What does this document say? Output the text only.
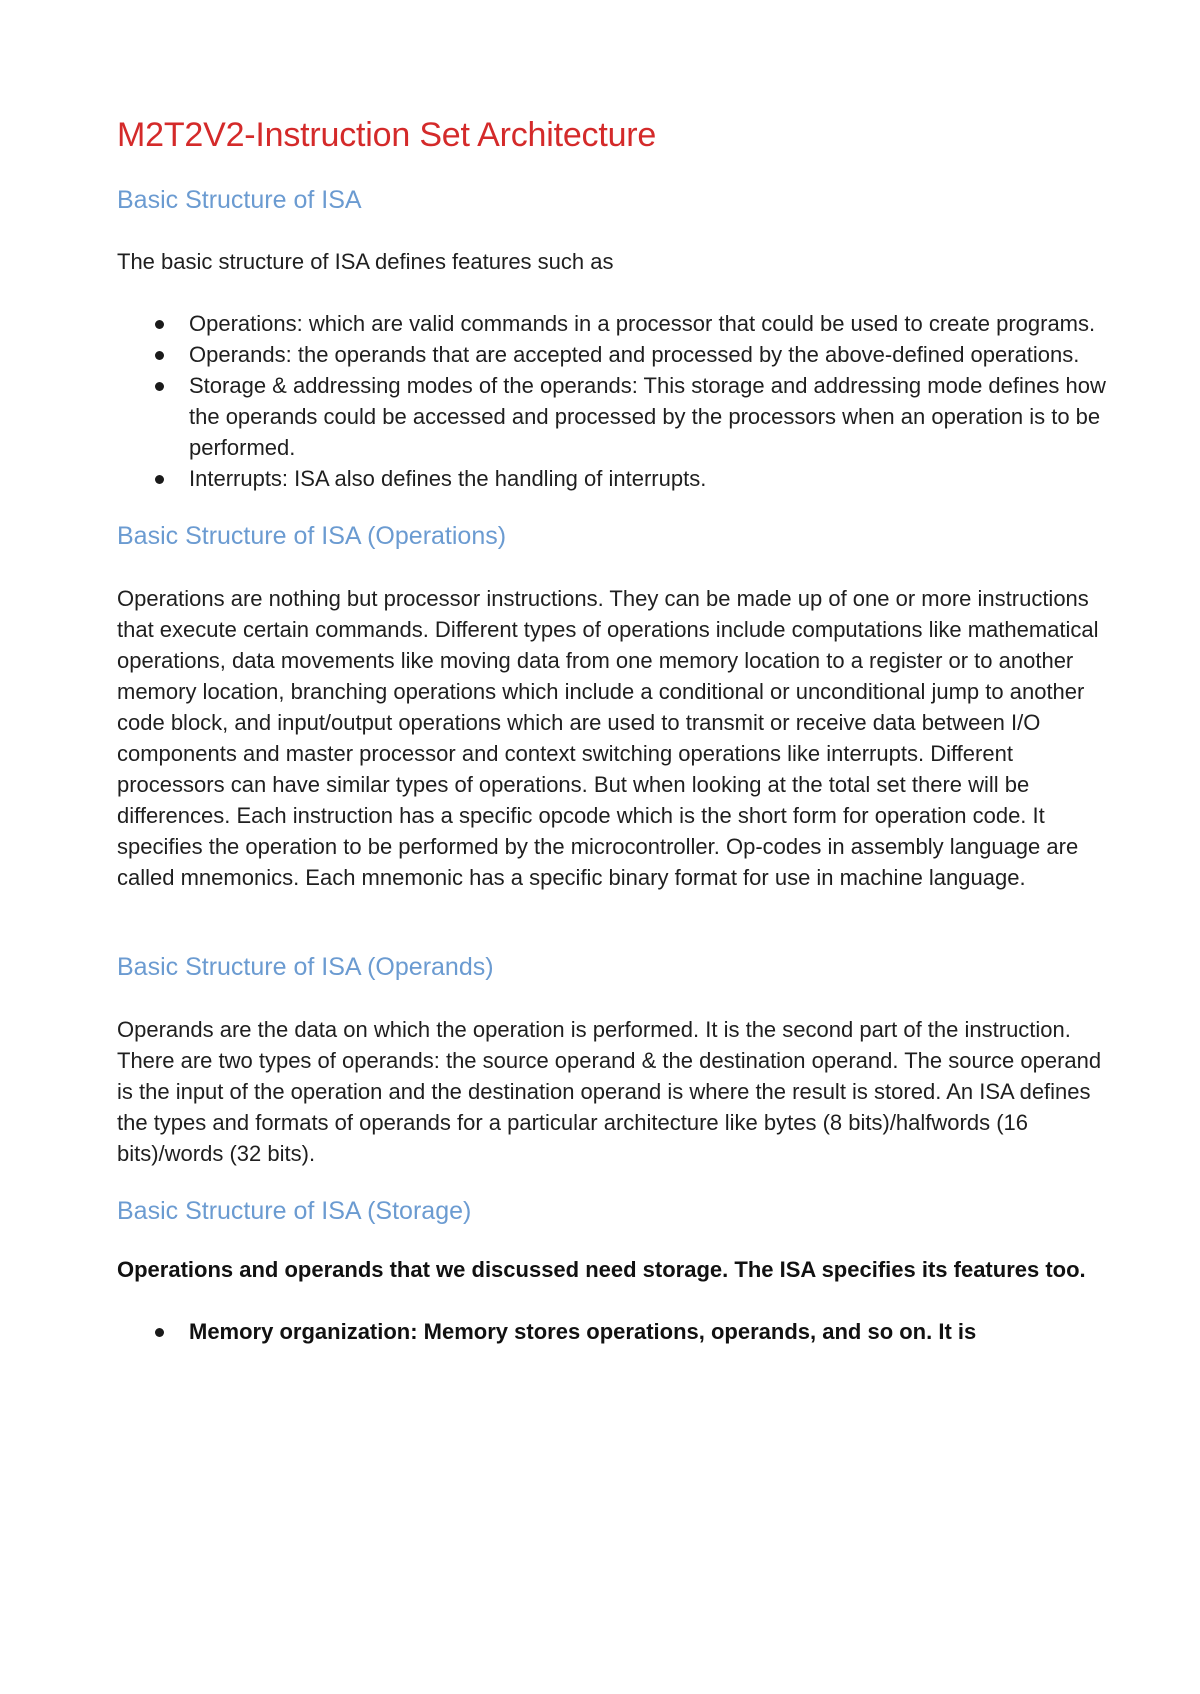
M2T2V2-Instruction Set Architecture
Basic Structure of ISA

The basic structure of ISA defines features such as

Operations: which are valid commands in a processor that could be used to create programs.
Operands: the operands that are accepted and processed by the above-defined operations.
Storage & addressing modes of the operands: This storage and addressing mode defines how the operands could be accessed and processed by the processors when an operation is to be performed.
Interrupts: ISA also defines the handling of interrupts.
Basic Structure of ISA (Operations)

Operations are nothing but processor instructions. They can be made up of one or more instructions that execute certain commands. Different types of operations include computations like mathematical operations, data movements like moving data from one memory location to a register or to another memory location, branching operations which include a conditional or unconditional jump to another code block, and input/output operations which are used to transmit or receive data between I/O components and master processor and context switching operations like interrupts. Different processors can have similar types of operations. But when looking at the total set there will be differences. Each instruction has a specific opcode which is the short form for operation code. It specifies the operation to be performed by the microcontroller. Op-codes in assembly language are called mnemonics. Each mnemonic has a specific binary format for use in machine language.

Basic Structure of ISA (Operands)

Operands are the data on which the operation is performed. It is the second part of the instruction. There are two types of operands: the source operand & the destination operand. The source operand is the input of the operation and the destination operand is where the result is stored. An ISA defines the types and formats of operands for a particular architecture like bytes (8 bits)/halfwords (16 bits)/words (32 bits).

Basic Structure of ISA (Storage)

Operations and operands that we discussed need storage. The ISA specifies its features too.

Memory organization: Memory stores operations, operands, and so on. It is
